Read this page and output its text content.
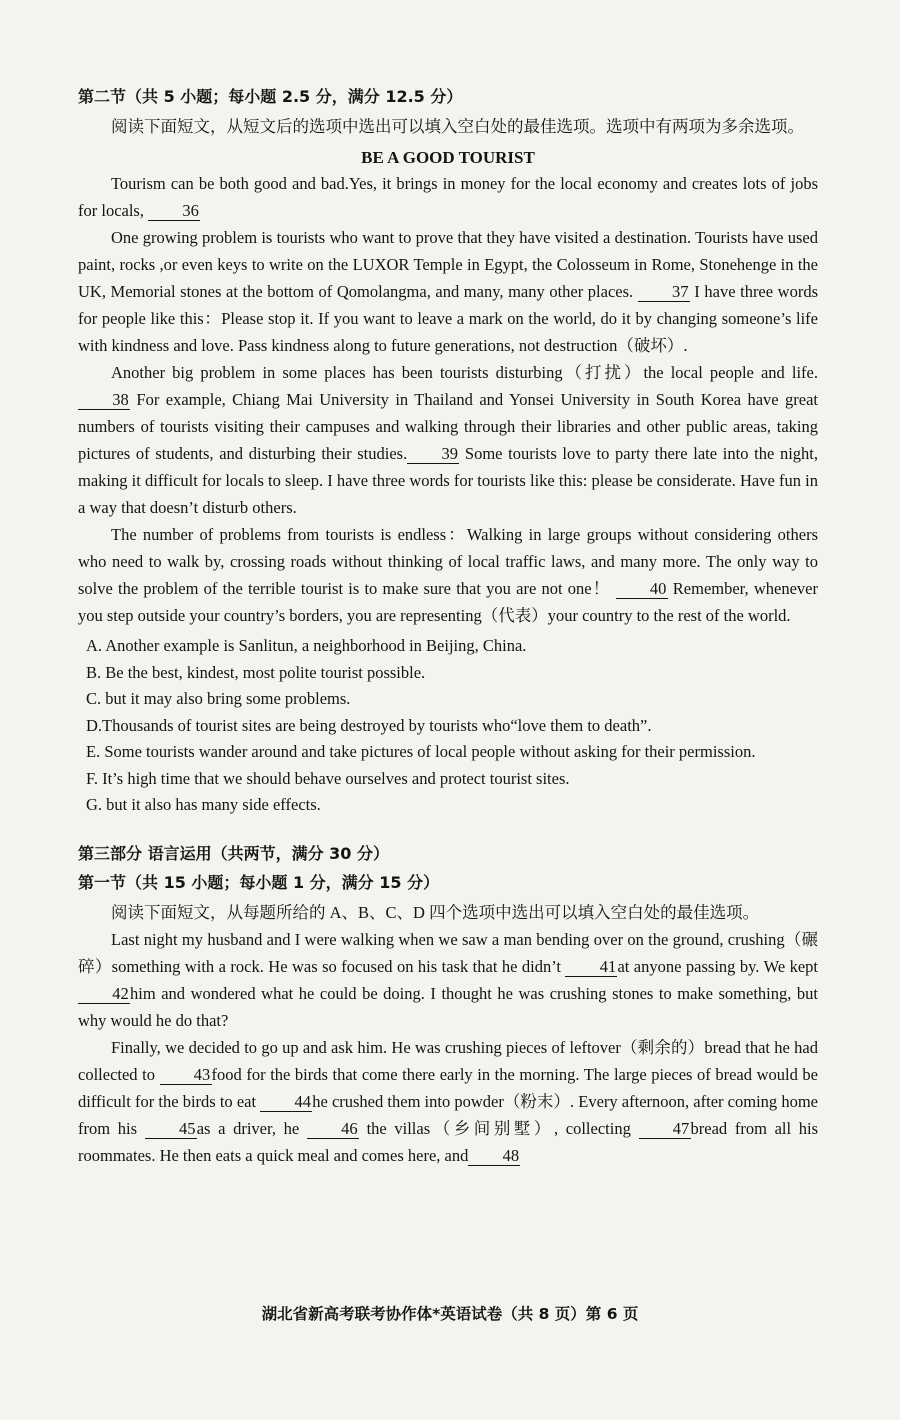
第二节（共 5 小题；每小题 2.5 分，满分 12.5 分）

阅读下面短文，从短文后的选项中选出可以填入空白处的最佳选项。选项中有两项为多余选项。

BE A GOOD TOURIST

Tourism can be both good and bad.Yes, it brings in money for the local economy and creates lots of jobs for locals, 36

One growing problem is tourists who want to prove that they have visited a destination. Tourists have used paint, rocks ,or even keys to write on the LUXOR Temple in Egypt, the Colosseum in Rome, Stonehenge in the UK, Memorial stones at the bottom of Qomolangma, and many, many other places. 37 I have three words for people like this：Please stop it. If you want to leave a mark on the world, do it by changing someone’s life with kindness and love. Pass kindness along to future generations, not destruction（破坏）.

Another big problem in some places has been tourists disturbing（打扰）the local people and life. 38 For example, Chiang Mai University in Thailand and Yonsei University in South Korea have great numbers of tourists visiting their campuses and walking through their libraries and other public areas, taking pictures of students, and disturbing their studies. 39 Some tourists love to party there late into the night, making it difficult for locals to sleep. I have three words for tourists like this: please be considerate. Have fun in a way that doesn’t disturb others.

The number of problems from tourists is endless：Walking in large groups without considering others who need to walk by, crossing roads without thinking of local traffic laws, and many more. The only way to solve the problem of the terrible tourist is to make sure that you are not one！ 40 Remember, whenever you step outside your country’s borders, you are representing（代表）your country to the rest of the world.

A. Another example is Sanlitun, a neighborhood in Beijing, China.
B. Be the best, kindest, most polite tourist possible.
C. but it may also bring some problems.
D.Thousands of tourist sites are being destroyed by tourists who“love them to death”.
E. Some tourists wander around and take pictures of local people without asking for their permission.
F. It’s high time that we should behave ourselves and protect tourist sites.
G. but it also has many side effects.
第三部分 语言运用（共两节，满分 30 分）
第一节（共 15 小题；每小题 1 分，满分 15 分）

阅读下面短文，从每题所给的 A、B、C、D 四个选项中选出可以填入空白处的最佳选项。

Last night my husband and I were walking when we saw a man bending over on the ground, crushing（碾碎）something with a rock. He was so focused on his task that he didn’t 41at anyone passing by. We kept 42him and wondered what he could be doing. I thought he was crushing stones to make something, but why would he do that?

Finally, we decided to go up and ask him. He was crushing pieces of leftover（剩余的）bread that he had collected to 43food for the birds that come there early in the morning. The large pieces of bread would be difficult for the birds to eat 44he crushed them into powder（粉末）. Every afternoon, after coming home from his 45as a driver, he 46 the villas（乡间别墅）, collecting 47bread from all his roommates. He then eats a quick meal and comes here, and 48

湖北省新高考联考协作体*英语试卷（共 8 页）第 6 页
